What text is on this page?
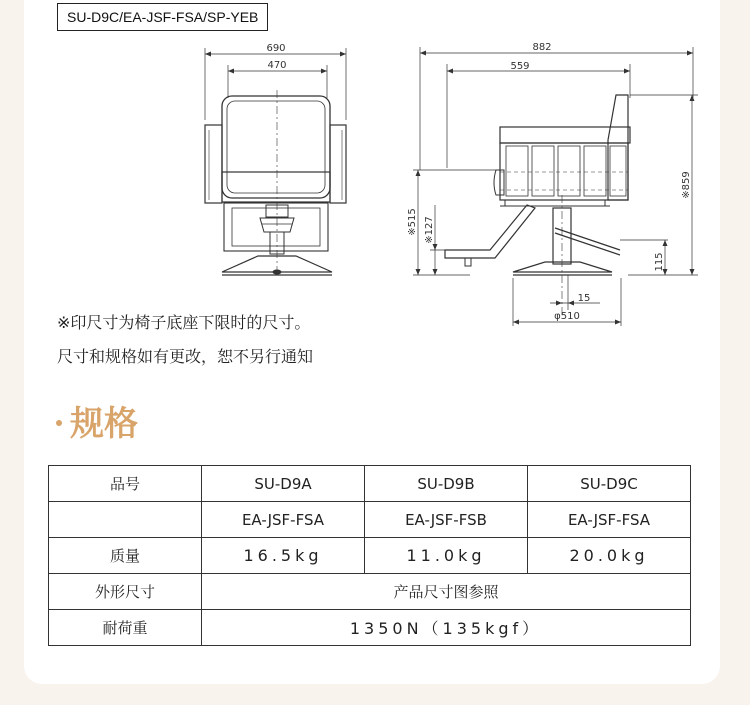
SU-D9C/EA-JSF-FSA/SP-YEB
690
470
882
559
※859
※515 ※127
115
15
φ510
※印尺寸为椅子底座下限时的尺寸。
尺寸和规格如有更改，恕不另行通知
规格
品号	SU-D9A	SU-D9B	SU-D9C
	EA-JSF-FSA	EA-JSF-FSB	EA-JSF-FSA
质量	16.5kg	11.0kg	20.0kg
外形尺寸	产品尺寸图参照		
耐荷重	1350N（135kgf）		
